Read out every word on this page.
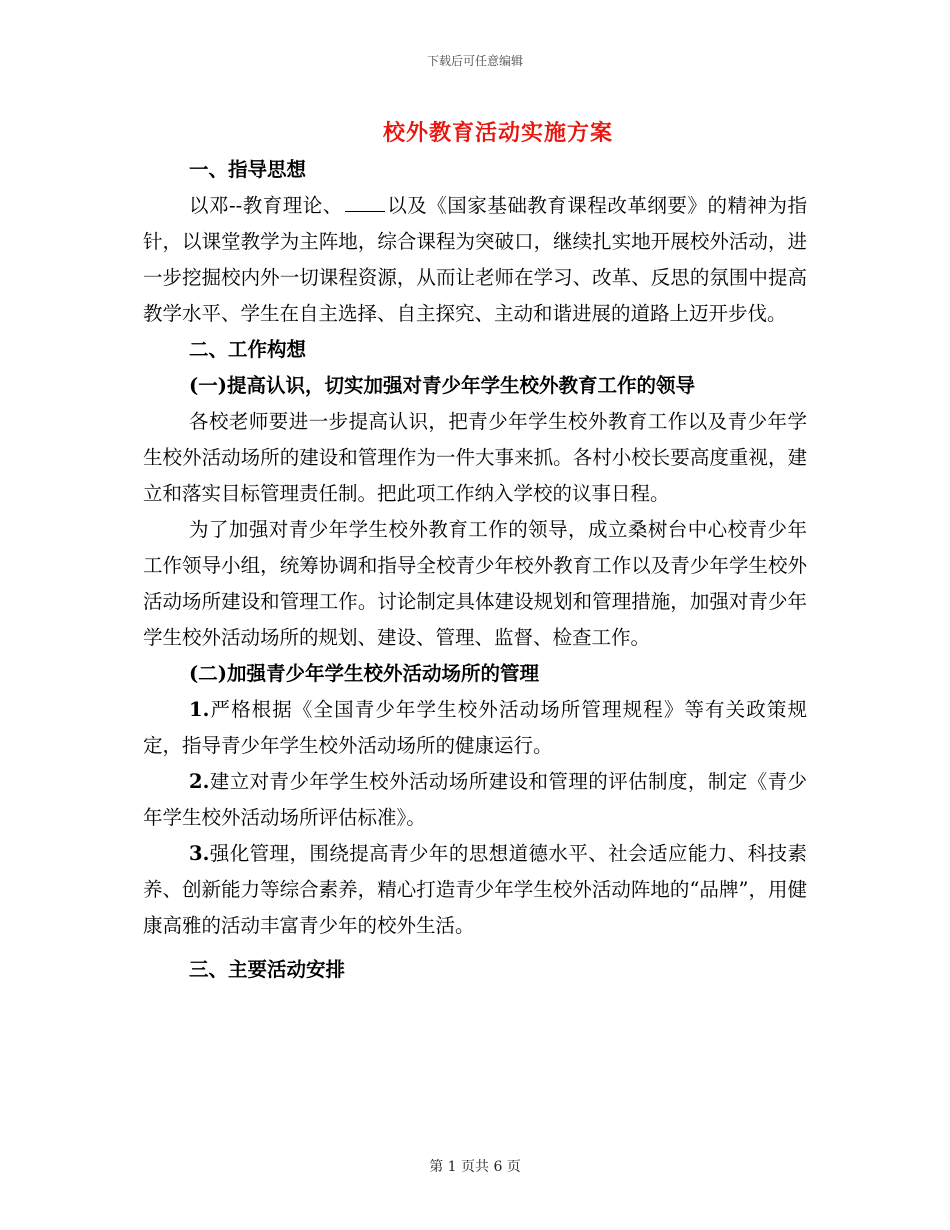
下载后可任意编辑
校外教育活动实施方案

一、指导思想

以邓--教育理论、 以及《国家基础教育课程改革纲要》的精神为指针，以课堂教学为主阵地，综合课程为突破口，继续扎实地开展校外活动，进一步挖掘校内外一切课程资源，从而让老师在学习、改革、反思的氛围中提高教学水平、学生在自主选择、自主探究、主动和谐进展的道路上迈开步伐。

二、工作构想

(一)提高认识，切实加强对青少年学生校外教育工作的领导

各校老师要进一步提高认识，把青少年学生校外教育工作以及青少年学生校外活动场所的建设和管理作为一件大事来抓。各村小校长要高度重视，建立和落实目标管理责任制。把此项工作纳入学校的议事日程。

为了加强对青少年学生校外教育工作的领导，成立桑树台中心校青少年工作领导小组，统筹协调和指导全校青少年校外教育工作以及青少年学生校外活动场所建设和管理工作。讨论制定具体建设规划和管理措施，加强对青少年学生校外活动场所的规划、建设、管理、监督、检查工作。

(二)加强青少年学生校外活动场所的管理

1.严格根据《全国青少年学生校外活动场所管理规程》等有关政策规定，指导青少年学生校外活动场所的健康运行。

2.建立对青少年学生校外活动场所建设和管理的评估制度，制定《青少年学生校外活动场所评估标准》。

3.强化管理，围绕提高青少年的思想道德水平、社会适应能力、科技素养、创新能力等综合素养，精心打造青少年学生校外活动阵地的“品牌”，用健康高雅的活动丰富青少年的校外生活。

三、主要活动安排

第 1 页共 6 页
